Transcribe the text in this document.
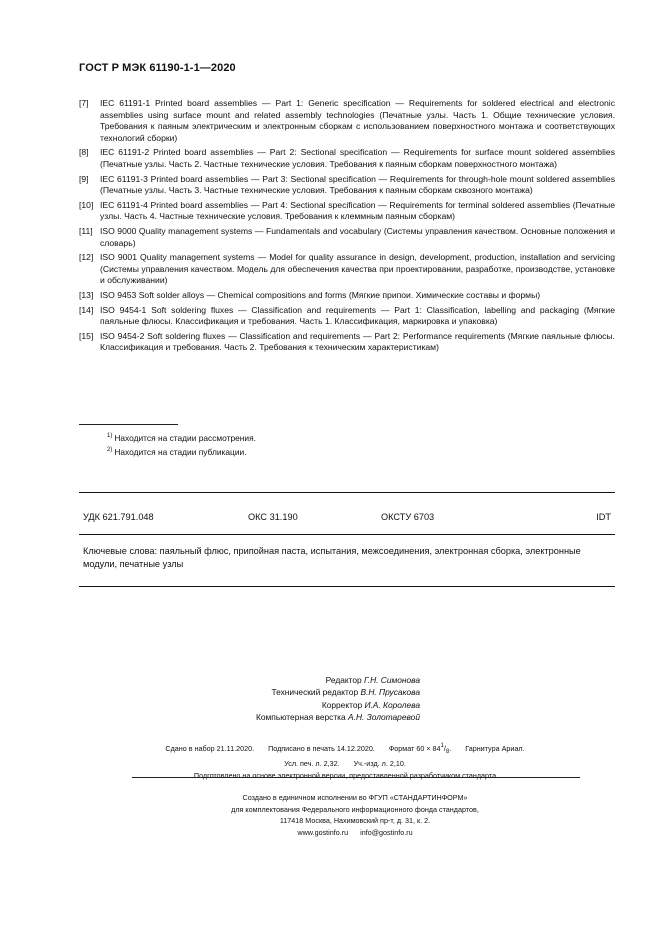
ГОСТ Р МЭК 61190-1-1—2020
[7] IEC 61191-1 Printed board assemblies — Part 1: Generic specification — Requirements for soldered electrical and electronic assemblies using surface mount and related assembly technologies (Печатные узлы. Часть 1. Общие технические условия. Требования к паяным электрическим и электронным сборкам с использованием поверхностного монтажа и соответствующих технологий сборки)
[8] IEC 61191-2 Printed board assemblies — Part 2: Sectional specification — Requirements for surface mount soldered assemblies (Печатные узлы. Часть 2. Частные технические условия. Требования к паяным сборкам поверхностного монтажа)
[9] IEC 61191-3 Printed board assemblies — Part 3: Sectional specification — Requirements for through-hole mount soldered assemblies (Печатные узлы. Часть 3. Частные технические условия. Требования к паяным сборкам сквозного монтажа)
[10] IEC 61191-4 Printed board assemblies — Part 4: Sectional specification — Requirements for terminal soldered assemblies (Печатные узлы. Часть 4. Частные технические условия. Требования к клеммным паяным сборкам)
[11] ISO 9000 Quality management systems — Fundamentals and vocabulary (Системы управления качеством. Основные положения и словарь)
[12] ISO 9001 Quality management systems — Model for quality assurance in design, development, production, installation and servicing (Системы управления качеством. Модель для обеспечения качества при проектировании, разработке, производстве, установке и обслуживании)
[13] ISO 9453 Soft solder alloys — Chemical compositions and forms (Мягкие припои. Химические составы и формы)
[14] ISO 9454-1 Soft soldering fluxes — Classification and requirements — Part 1: Classification, labelling and packaging (Мягкие паяльные флюсы. Классификация и требования. Часть 1. Классификация, маркировка и упаковка)
[15] ISO 9454-2 Soft soldering fluxes — Classification and requirements — Part 2: Performance requirements (Мягкие паяльные флюсы. Классификация и требования. Часть 2. Требования к техническим характеристикам)
$^{1)}$ Находится на стадии рассмотрения.
$^{2)}$ Находится на стадии публикации.
УДК 621.791.048	ОКС 31.190	ОКСТУ 6703	IDT
Ключевые слова: паяльный флюс, припойная паста, испытания, межсоединения, электронная сборка, электронные модули, печатные узлы
Редактор Г.Н. Симонова
Технический редактор В.Н. Прусакова
Корректор И.А. Королева
Компьютерная верстка А.Н. Золотаревой
Сдано в набор 21.11.2020. Подписано в печать 14.12.2020. Формат $60 \times 84^1/_8$. Гарнитура Ариал.
Усл. печ. л. 2,32. Уч.-изд. л. 2,10.
Подготовлено на основе электронной версии, предоставленной разработчиком стандарта
Создано в единичном исполнении во ФГУП «СТАНДАРТИНФОРМ»
для комплектования Федерального информационного фонда стандартов,
117418 Москва, Нахимовский пр-т, д. 31, к. 2.
www.gostinfo.ru info@gostinfo.ru
